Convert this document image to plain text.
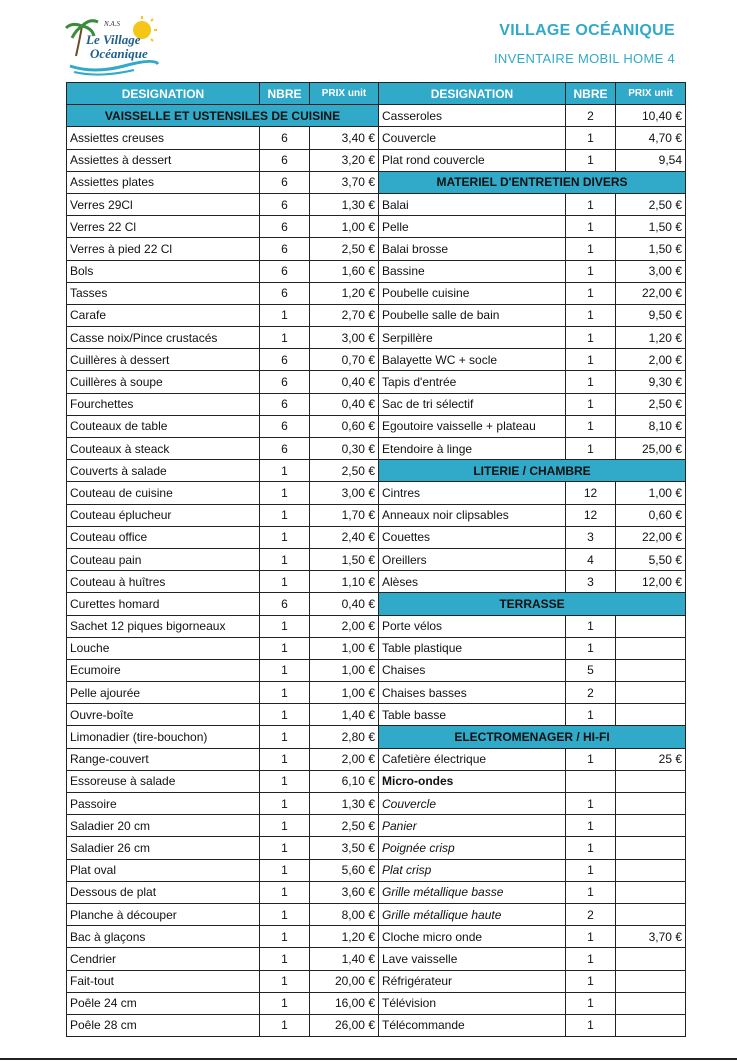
N.A.S
Le Village
Océanique
VILLAGE OCÉANIQUE
INVENTAIRE MOBIL HOME 4
DESIGNATION	NBRE	PRIX unit	DESIGNATION	NBRE	PRIX unit
VAISSELLE ET USTENSILES DE CUISINE			Casseroles	2	10,40 €
Assiettes creuses	6	3,40 €	Couvercle	1	4,70 €
Assiettes à dessert	6	3,20 €	Plat rond couvercle	1	9,54
Assiettes plates	6	3,70 €	MATERIEL D'ENTRETIEN DIVERS		
Verres 29Cl	6	1,30 €	Balai	1	2,50 €
Verres 22 Cl	6	1,00 €	Pelle	1	1,50 €
Verres à pied 22 Cl	6	2,50 €	Balai brosse	1	1,50 €
Bols	6	1,60 €	Bassine	1	3,00 €
Tasses	6	1,20 €	Poubelle cuisine	1	22,00 €
Carafe	1	2,70 €	Poubelle salle de bain	1	9,50 €
Casse noix/Pince crustacés	1	3,00 €	Serpillère	1	1,20 €
Cuillères à dessert	6	0,70 €	Balayette WC + socle	1	2,00 €
Cuillères à soupe	6	0,40 €	Tapis d'entrée	1	9,30 €
Fourchettes	6	0,40 €	Sac de tri sélectif	1	2,50 €
Couteaux de table	6	0,60 €	Egoutoire vaisselle + plateau	1	8,10 €
Couteaux à steack	6	0,30 €	Etendoire à linge	1	25,00 €
Couverts à salade	1	2,50 €	LITERIE / CHAMBRE		
Couteau de cuisine	1	3,00 €	Cintres	12	1,00 €
Couteau éplucheur	1	1,70 €	Anneaux noir clipsables	12	0,60 €
Couteau office	1	2,40 €	Couettes	3	22,00 €
Couteau pain	1	1,50 €	Oreillers	4	5,50 €
Couteau à huîtres	1	1,10 €	Alèses	3	12,00 €
Curettes homard	6	0,40 €	TERRASSE		
Sachet 12 piques bigorneaux	1	2,00 €	Porte vélos	1	
Louche	1	1,00 €	Table plastique	1	
Ecumoire	1	1,00 €	Chaises	5	
Pelle ajourée	1	1,00 €	Chaises basses	2	
Ouvre-boîte	1	1,40 €	Table basse	1	
Limonadier (tire-bouchon)	1	2,80 €	ELECTROMENAGER / HI-FI		
Range-couvert	1	2,00 €	Cafetière électrique	1	25 €
Essoreuse à salade	1	6,10 €	Micro-ondes		
Passoire	1	1,30 €	Couvercle	1	
Saladier 20 cm	1	2,50 €	Panier	1	
Saladier 26 cm	1	3,50 €	Poignée crisp	1	
Plat oval	1	5,60 €	Plat crisp	1	
Dessous de plat	1	3,60 €	Grille métallique basse	1	
Planche à découper	1	8,00 €	Grille métallique haute	2	
Bac à glaçons	1	1,20 €	Cloche micro onde	1	3,70 €
Cendrier	1	1,40 €	Lave vaisselle	1	
Fait-tout	1	20,00 €	Réfrigérateur	1	
Poêle 24 cm	1	16,00 €	Télévision	1	
Poêle 28 cm	1	26,00 €	Télécommande	1	
